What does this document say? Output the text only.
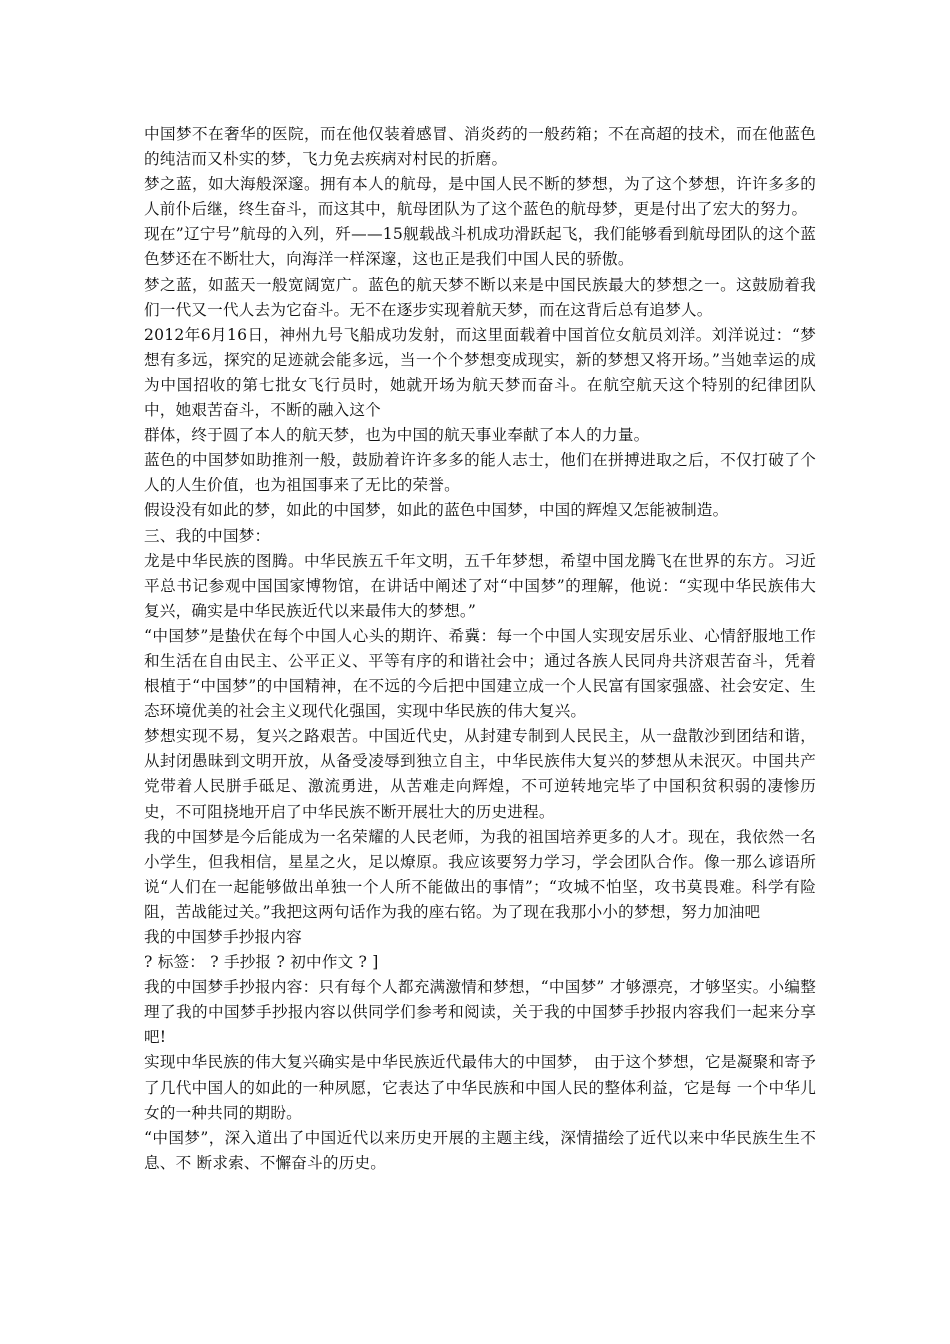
中国梦不在奢华的医院，而在他仅装着感冒、消炎药的一般药箱；不在高超的技术，而在他蓝色的纯洁而又朴实的梦，飞力免去疾病对村民的折磨。

梦之蓝，如大海般深邃。拥有本人的航母，是中国人民不断的梦想，为了这个梦想，许许多多的人前仆后继，终生奋斗，而这其中，航母团队为了这个蓝色的航母梦，更是付出了宏大的努力。

现在”辽宁号”航母的入列，歼——15舰载战斗机成功滑跃起飞，我们能够看到航母团队的这个蓝色梦还在不断壮大，向海洋一样深邃，这也正是我们中国人民的骄傲。

梦之蓝，如蓝天一般宽阔宽广。蓝色的航天梦不断以来是中国民族最大的梦想之一。这鼓励着我们一代又一代人去为它奋斗。无不在逐步实现着航天梦，而在这背后总有追梦人。

2012年6月16日，神州九号飞船成功发射，而这里面载着中国首位女航员刘洋。刘洋说过：“梦想有多远，探究的足迹就会能多远，当一个个梦想变成现实，新的梦想又将开场。”当她幸运的成为中国招收的第七批女飞行员时，她就开场为航天梦而奋斗。在航空航天这个特别的纪律团队中，她艰苦奋斗，不断的融入这个

群体，终于圆了本人的航天梦，也为中国的航天事业奉献了本人的力量。

蓝色的中国梦如助推剂一般，鼓励着许许多多的能人志士，他们在拼搏进取之后，不仅打破了个人的人生价值，也为祖国事来了无比的荣誉。

假设没有如此的梦，如此的中国梦，如此的蓝色中国梦，中国的辉煌又怎能被制造。

三、我的中国梦：

龙是中华民族的图腾。中华民族五千年文明，五千年梦想，希望中国龙腾飞在世界的东方。习近平总书记参观中国国家博物馆，在讲话中阐述了对“中国梦”的理解，他说：“实现中华民族伟大复兴，确实是中华民族近代以来最伟大的梦想。”

“中国梦”是蛰伏在每个中国人心头的期许、希冀：每一个中国人实现安居乐业、心情舒服地工作和生活在自由民主、公平正义、平等有序的和谐社会中；通过各族人民同舟共济艰苦奋斗，凭着根植于“中国梦”的中国精神，在不远的今后把中国建立成一个人民富有国家强盛、社会安定、生态环境优美的社会主义现代化强国，实现中华民族的伟大复兴。

梦想实现不易，复兴之路艰苦。中国近代史，从封建专制到人民民主，从一盘散沙到团结和谐，从封闭愚昧到文明开放，从备受凌辱到独立自主，中华民族伟大复兴的梦想从未泯灭。中国共产党带着人民胼手砥足、激流勇进，从苦难走向辉煌，不可逆转地完毕了中国积贫积弱的凄惨历史，不可阻挠地开启了中华民族不断开展壮大的历史进程。

我的中国梦是今后能成为一名荣耀的人民老师，为我的祖国培养更多的人才。现在，我依然一名小学生，但我相信，星星之火，足以燎原。我应该要努力学习，学会团队合作。像一那么谚语所说“人们在一起能够做出单独一个人所不能做出的事情”；“攻城不怕坚，攻书莫畏难。科学有险阻，苦战能过关。”我把这两句话作为我的座右铭。为了现在我那小小的梦想，努力加油吧

我的中国梦手抄报内容

? 标签： ? 手抄报 ? 初中作文 ? ]

我的中国梦手抄报内容：只有每个人都充满激情和梦想，“中国梦” 才够漂亮，才够坚实。小编整理了我的中国梦手抄报内容以供同学们参考和阅读，关于我的中国梦手抄报内容我们一起来分享吧!

实现中华民族的伟大复兴确实是中华民族近代最伟大的中国梦， 由于这个梦想，它是凝聚和寄予了几代中国人的如此的一种夙愿，它表达了中华民族和中国人民的整体利益，它是每 一个中华儿女的一种共同的期盼。

“中国梦”，深入道出了中国近代以来历史开展的主题主线，深情描绘了近代以来中华民族生生不息、不 断求索、不懈奋斗的历史。
